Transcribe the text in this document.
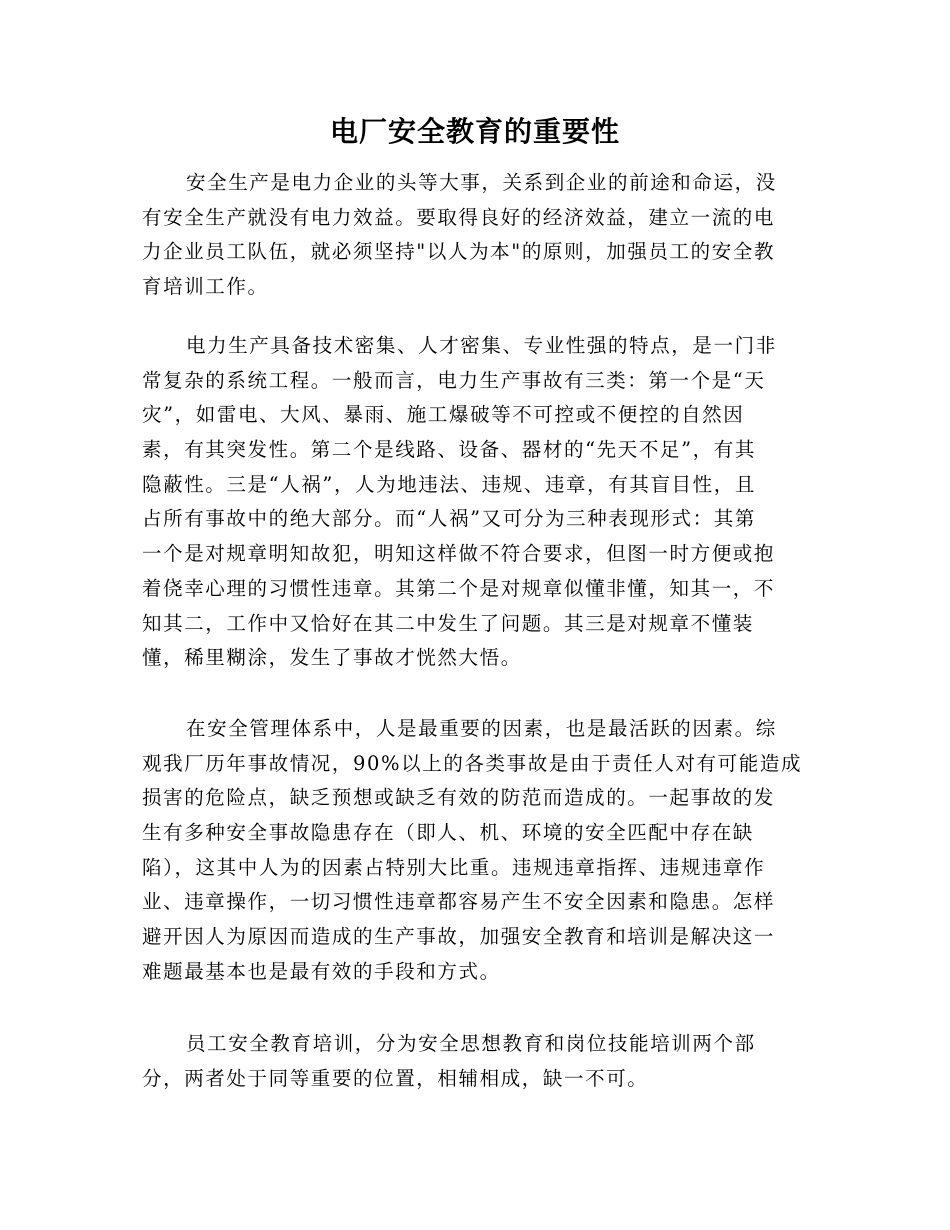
电厂安全教育的重要性
安全生产是电力企业的头等大事，关系到企业的前途和命运，没
有安全生产就没有电力效益。要取得良好的经济效益，建立一流的电
力企业员工队伍，就必须坚持"以人为本"的原则，加强员工的安全教
育培训工作。
电力生产具备技术密集、人才密集、专业性强的特点，是一门非
常复杂的系统工程。一般而言，电力生产事故有三类：第一个是“天
灾”，如雷电、大风、暴雨、施工爆破等不可控或不便控的自然因
素，有其突发性。第二个是线路、设备、器材的“先天不足”，有其
隐蔽性。三是“人祸”，人为地违法、违规、违章，有其盲目性，且
占所有事故中的绝大部分。而“人祸”又可分为三种表现形式：其第
一个是对规章明知故犯，明知这样做不符合要求，但图一时方便或抱
着侥幸心理的习惯性违章。其第二个是对规章似懂非懂，知其一，不
知其二，工作中又恰好在其二中发生了问题。其三是对规章不懂装
懂，稀里糊涂，发生了事故才恍然大悟。
在安全管理体系中，人是最重要的因素，也是最活跃的因素。综
观我厂历年事故情况，90%以上的各类事故是由于责任人对有可能造成
损害的危险点，缺乏预想或缺乏有效的防范而造成的。一起事故的发
生有多种安全事故隐患存在（即人、机、环境的安全匹配中存在缺
陷），这其中人为的因素占特别大比重。违规违章指挥、违规违章作
业、违章操作，一切习惯性违章都容易产生不安全因素和隐患。怎样
避开因人为原因而造成的生产事故，加强安全教育和培训是解决这一
难题最基本也是最有效的手段和方式。
员工安全教育培训，分为安全思想教育和岗位技能培训两个部
分，两者处于同等重要的位置，相辅相成，缺一不可。
